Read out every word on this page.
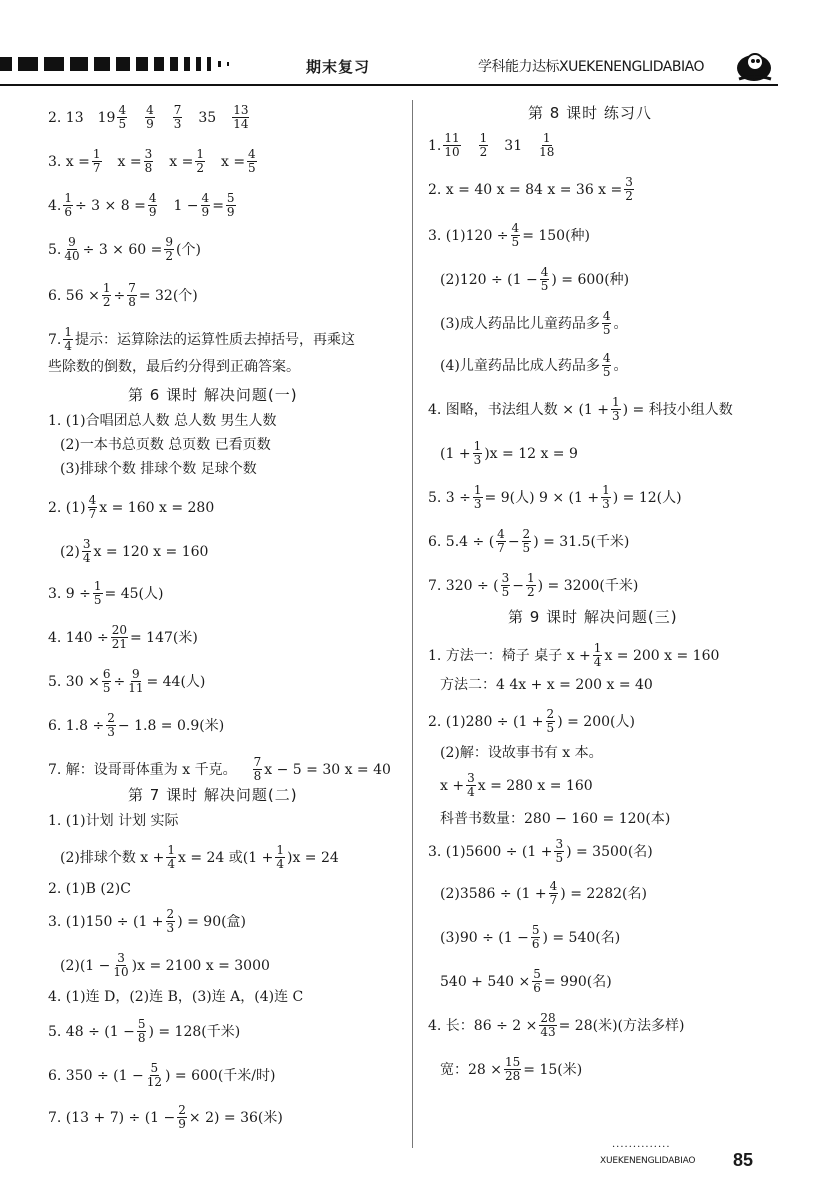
期末复习	学科能力达标XUEKENENGLIDABIAO
2. 13 $19 \frac{4}{5} \frac{4}{9} \frac{7}{3} 35 \frac{13}{14}$
3. $x = \frac{1}{7}$ $x = \frac{3}{8}$ $x = \frac{1}{2}$ $x = \frac{4}{5}$
4. $\frac{1}{6} \div 3 \times 8 = \frac{4}{9} 1 - \frac{4}{9} = \frac{5}{9}$
5. $\frac{9}{40} \div 3 \times 60 = \frac{9}{2}$ (个)
6. $56 \times \frac{1}{2} \div \frac{7}{8} = 32$(个)
7. $\frac{1}{4}$ 提示：运算除法的运算性质去掉括号，再乘这
些除数的倒数，最后约分得到正确答案。
第 6 课时 解决问题(一)
1. (1)合唱团总人数 总人数 男生人数
(2)一本书总页数 总页数 已看页数
(3)排球个数 排球个数 足球个数
2. $(1) \frac{4}{7}$ x = 160 x = 280
$(2) \frac{3}{4}$ x = 120 x = 160
3. $9 \div \frac{1}{5} = 45$(人)
4. $140 \div \frac{20}{21} = 147$(米)
5. $30 \times \frac{6}{5} \div \frac{9}{11} = 44$(人)
6. $1.8 \div \frac{2}{3} - 1.8 = 0.9$(米)
7. 解：设哥哥体重为 x 千克。 $\frac{7}{8}$ x − 5 = 30 x = 40
第 7 课时 解决问题(二)
1. (1)计划 计划 实际
(2)排球个数 $x + \frac{1}{4}$ x = 24 或$(1 + \frac{1}{4} )x = 24$
2. (1)B (2)C
3. $(1)150 \div (1 + \frac{2}{3}$ ) = 90(盒)
$(2)(1 - \frac{3}{10} )x = 2100$ x = 3000
4. (1)连 D，(2)连 B，(3)连 A，(4)连 C
5. $48 \div (1 - \frac{5}{8}$ ) = 128(千米)
6. $350 \div (1 - \frac{5}{12}$ ) = 600(千米/时)
7. $(13 + 7) \div (1 - \frac{2}{9} \times 2) = 36$(米)
第 8 课时 练习八
1. $\frac{11}{10} \frac{1}{2} 31 \frac{1}{18}$
2. x = 40 x = 84 x = 36 $x = \frac{3}{2}$
3. $(1)120 \div \frac{4}{5} = 150$(种)
$(2)120 \div (1 - \frac{4}{5}$ ) = 600(种)
(3)成人药品比儿童药品多 $\frac{4}{5}$ 。
(4)儿童药品比成人药品多 $\frac{4}{5}$ 。
4. 图略，书法组人数 × ($1 + \frac{1}{3}$ ) = 科技小组人数
$(1 + \frac{1}{3} )x = 12$ x = 9
5. $3 \div \frac{1}{3} = 9$(人) $9 \times (1 + \frac{1}{3}$ ) = 12(人)
6. 5.4 ÷ ( $\frac{4}{7} - \frac{2}{5}$ ) = 31.5(千米)
7. 320 ÷ ( $\frac{3}{5} - \frac{1}{2}$ ) = 3200(千米)
第 9 课时 解决问题(三)
1. 方法一：椅子 桌子 $x + \frac{1}{4}$ x = 200 x = 160
方法二：4 4x + x = 200 x = 40
2. $(1)280 \div (1 + \frac{2}{5}$ ) = 200(人)
(2)解：设故事书有 x 本。
$x + \frac{3}{4}$ x = 280 x = 160
科普书数量：280 − 160 = 120(本)
3. $(1)5600 \div (1 + \frac{3}{5}$ ) = 3500(名)
$(2)3586 \div (1 + \frac{4}{7}$ ) = 2282(名)
$(3)90 \div (1 - \frac{5}{6}$ ) = 540(名)
$540 + 540 \times \frac{5}{6} = 990$(名)
4. 长：$86 \div 2 \times \frac{28}{43} = 28$(米)(方法多样)
宽：$28 \times \frac{15}{28} = 15$(米)
··············
XUEKENENGLIDABIAO 85
